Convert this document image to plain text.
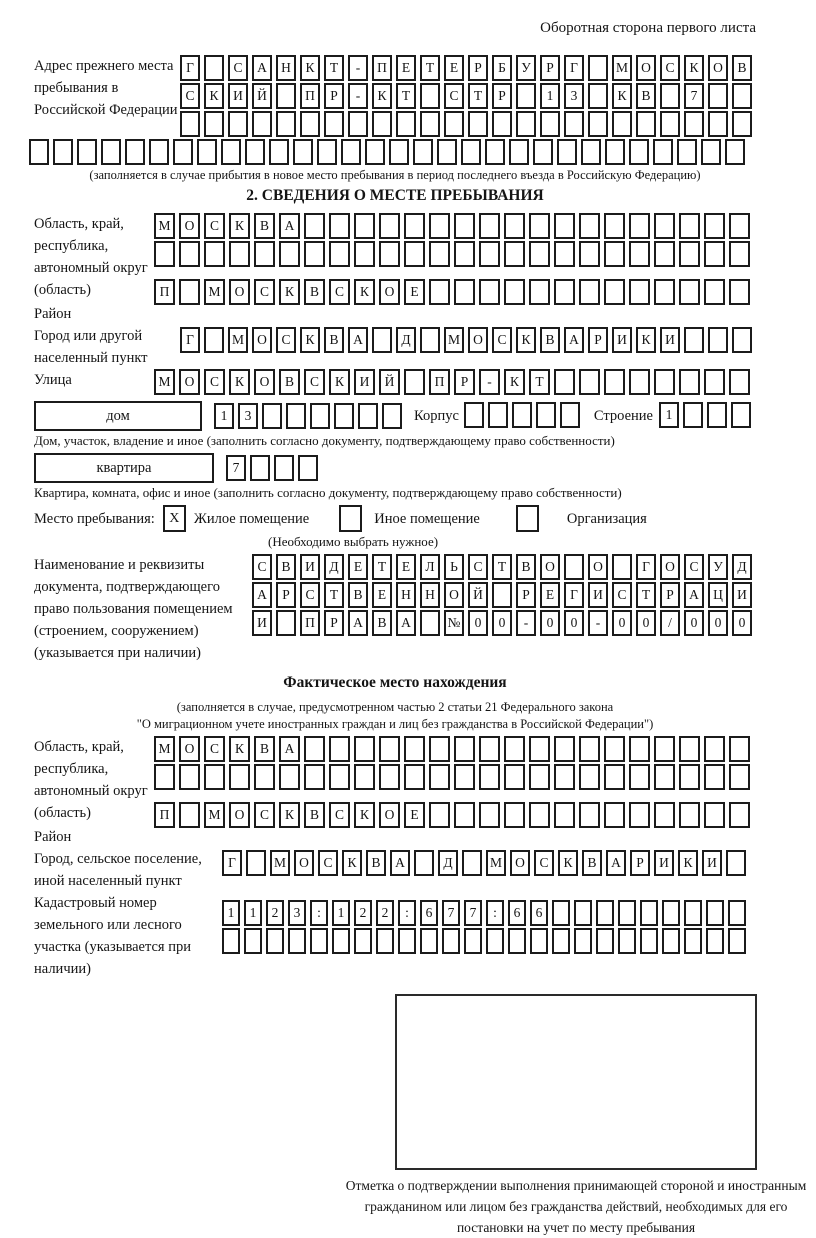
Оборотная сторона первого листа
Адрес прежнего места пребывания в Российской Федерации
Г	С	А	Н	К	Т	-	П	Е	Т	Е	Р	Б	У	Р	Г	М О	С	К	О	В
С	К	И	Й	П	Р	-	К	Т	С	Т	Р	1	3	К	В	7
(заполняется в случае прибытия в новое место пребывания в период последнего въезда в Российскую Федерацию)
2. СВЕДЕНИЯ О МЕСТЕ ПРЕБЫВАНИЯ
Область, край, республика, автономный округ (область)
Район
М	О	С	К	В	А
П	М	О	С	К	В	С	К	О	Е
Город или другой населенный пункт
Г	М О	С	К	В	А	Д	М О	С	К	В	А	Р	И	К	И
Улица	М	О	С	К	О	В	С	К	И	Й	П	Р	-	К	Т
дом	1	3	Корпус	Строение 1
Дом, участок, владение и иное (заполнить согласно документу, подтверждающему право собственности)
квартира	7
Квартира, комната, офис и иное (заполнить согласно документу, подтверждающему право собственности)
Место пребывания:	X Жилое помещение	Иное помещение	Организация
(Необходимо выбрать нужное)
Наименование и реквизиты документа, подтверждающего право пользования помещением (строением, сооружением) (указывается при наличии)
С	В	И	Д	Е	Т	Е	Л	Ь	С	Т	В	О	О	Г	О	С	У	Д
А	Р	С	Т	В	Е	Н	Н	О	Й	Р	Е	Г	И	С	Т	Р	А	Ц	И
И	П	Р	А	В	А	№	0	0	-	0	0	-	0	0	/	0	0	0
Фактическое место нахождения
(заполняется в случае, предусмотренном частью 2 статьи 21 Федерального закона
"О миграционном учете иностранных граждан и лиц без гражданства в Российской Федерации")
Область, край, республика, автономный округ (область)
Район
М	О	С	К	В	А
П	М	О	С	К	В	С	К	О	Е
Город, сельское поселение, иной населенный пункт
Г	М О	С	К	В	А	Д	М О	С	К	В	А	Р	И	К	И
Кадастровый номер земельного или лесного участка (указывается при наличии)
1	1	2	3	:	1	2	2	:	6	7	7	:	6	6
Отметка о подтверждении выполнения принимающей стороной и иностранным гражданином или лицом без гражданства действий, необходимых для его постановки на учет по месту пребывания
